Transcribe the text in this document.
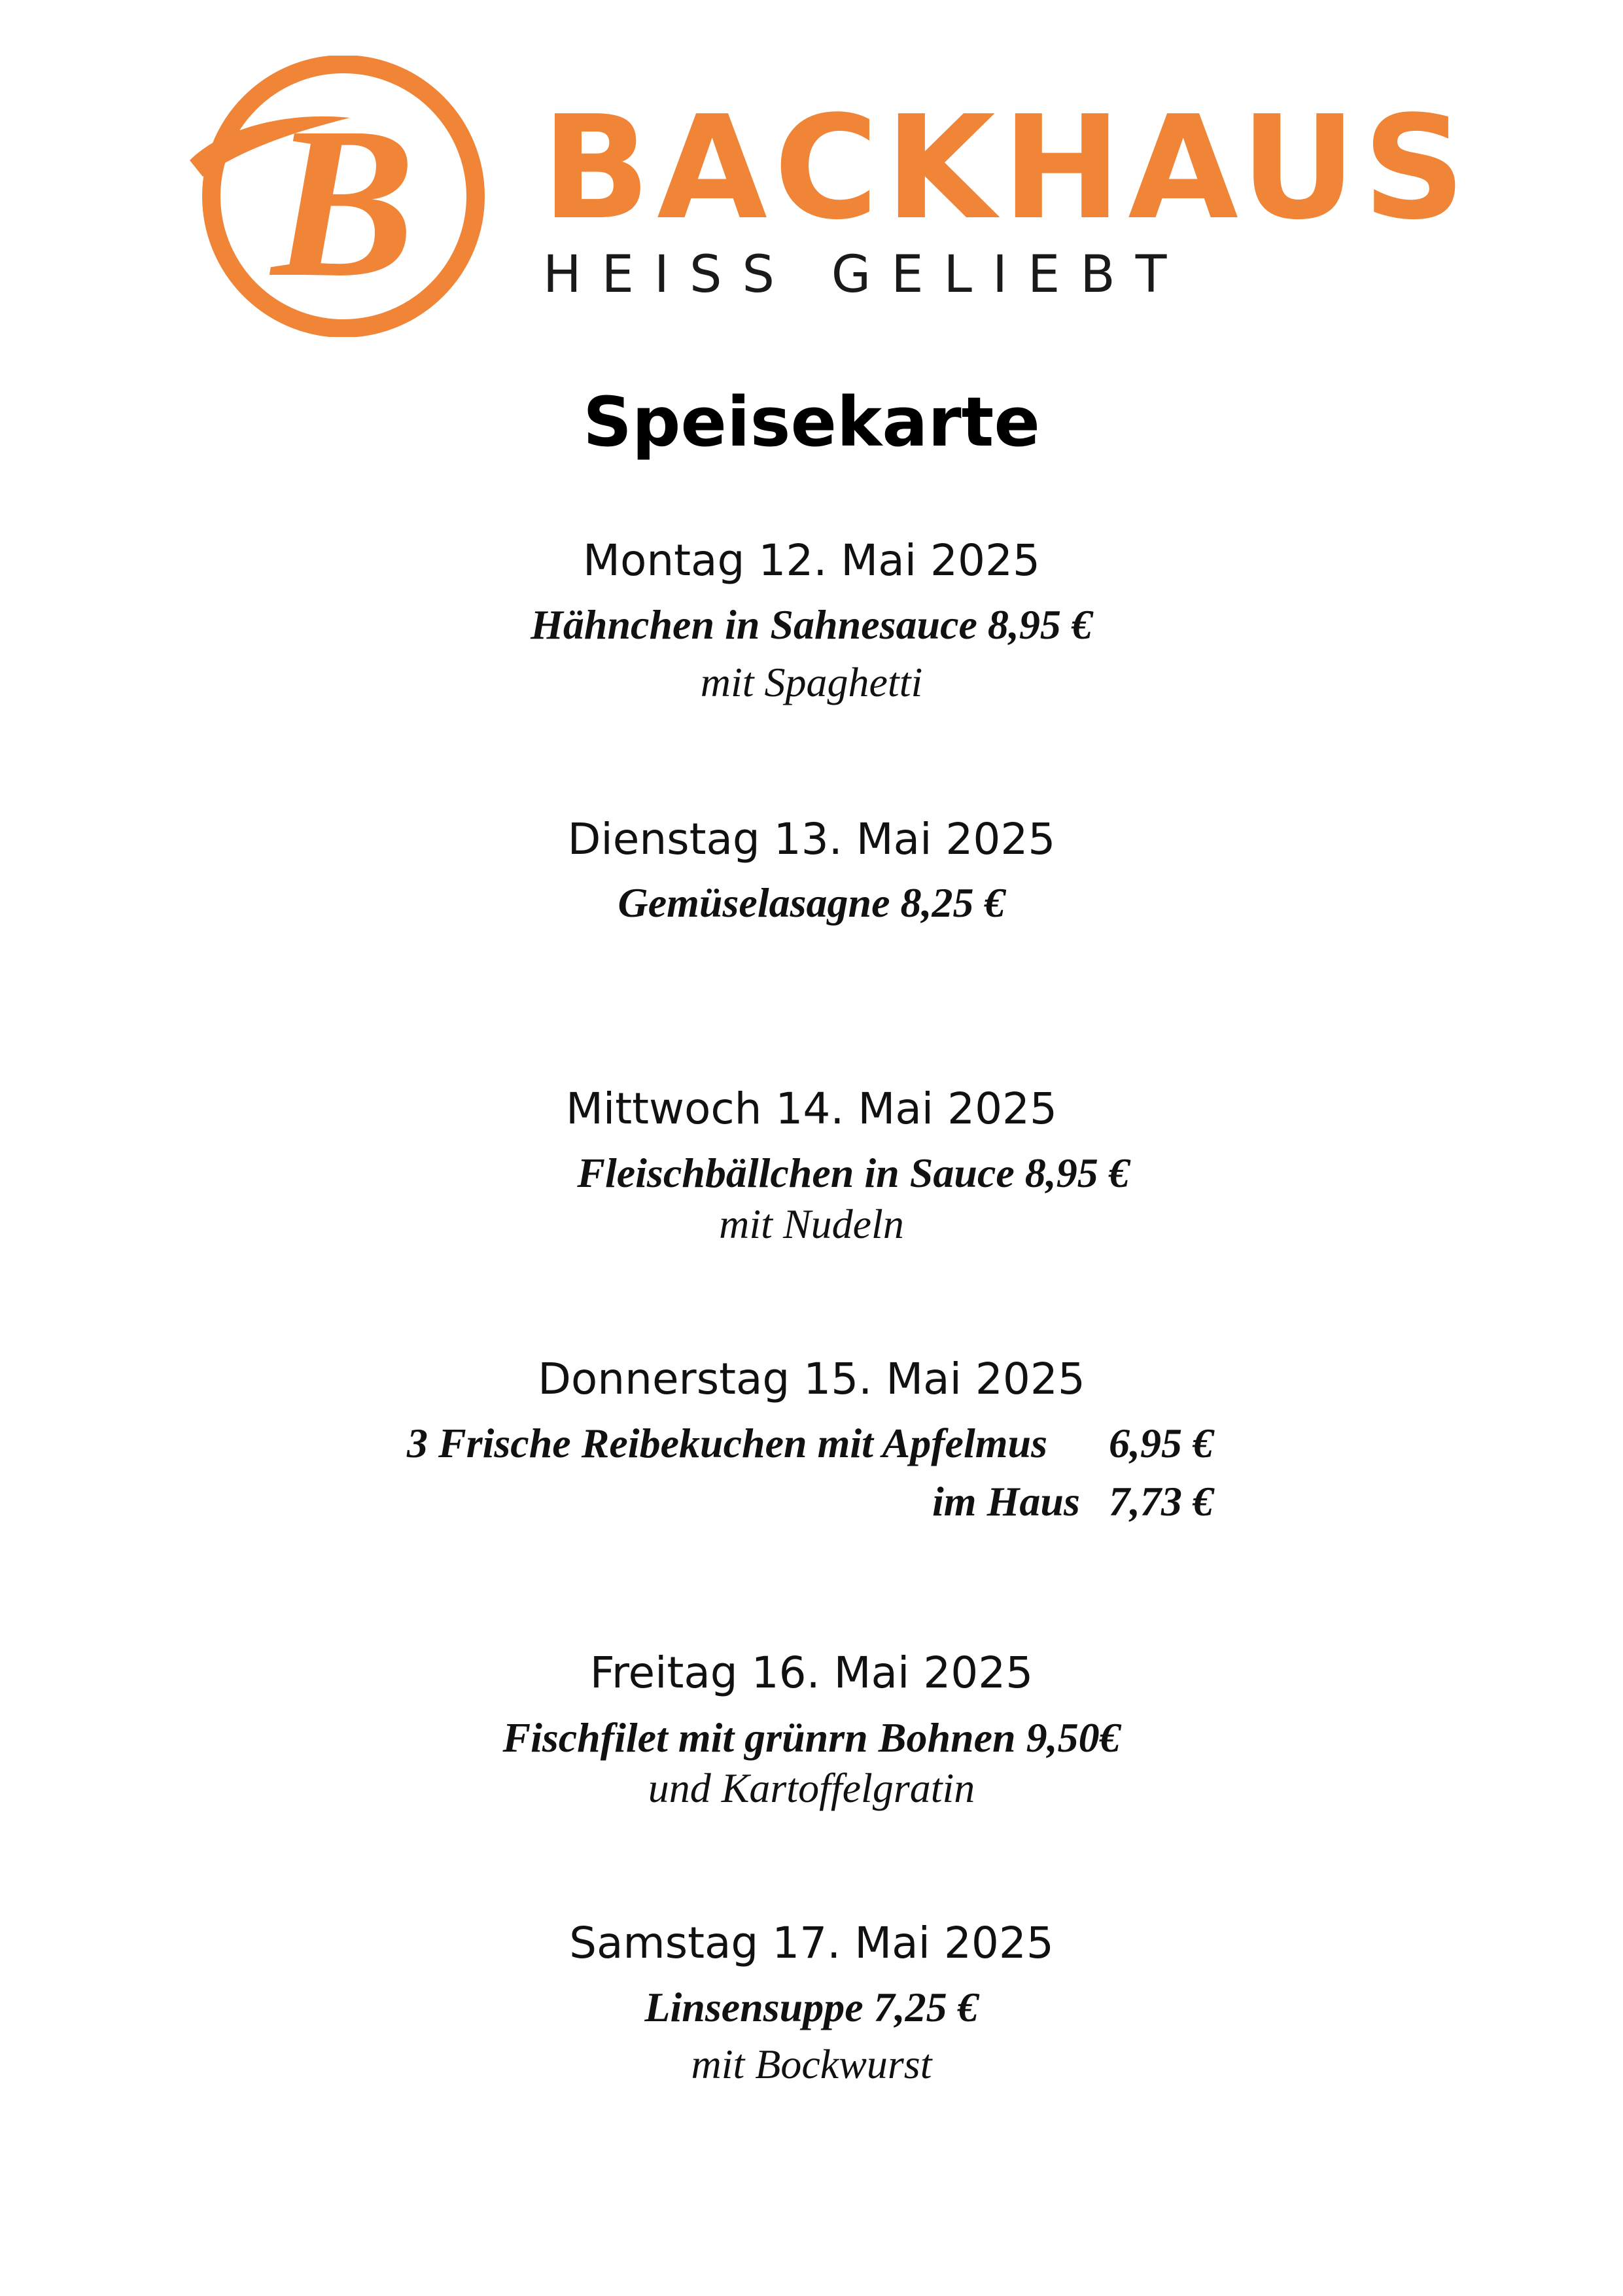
B BACKHAUS
HEISS GELIEBT
Speisekarte
Montag 12. Mai 2025
Hähnchen in Sahnesauce 8,95 €
mit Spaghetti
Dienstag 13. Mai 2025
Gemüselasagne 8,25 €
Mittwoch 14. Mai 2025
Fleischbällchen in Sauce 8,95 €
mit Nudeln
Donnerstag 15. Mai 2025
3 Frische Reibekuchen mit Apfelmus 6,95 €
im Haus 7,73 €
Freitag 16. Mai 2025
Fischfilet mit grünrn Bohnen 9,50€
und Kartoffelgratin
Samstag 17. Mai 2025
Linsensuppe 7,25 €
mit Bockwurst
